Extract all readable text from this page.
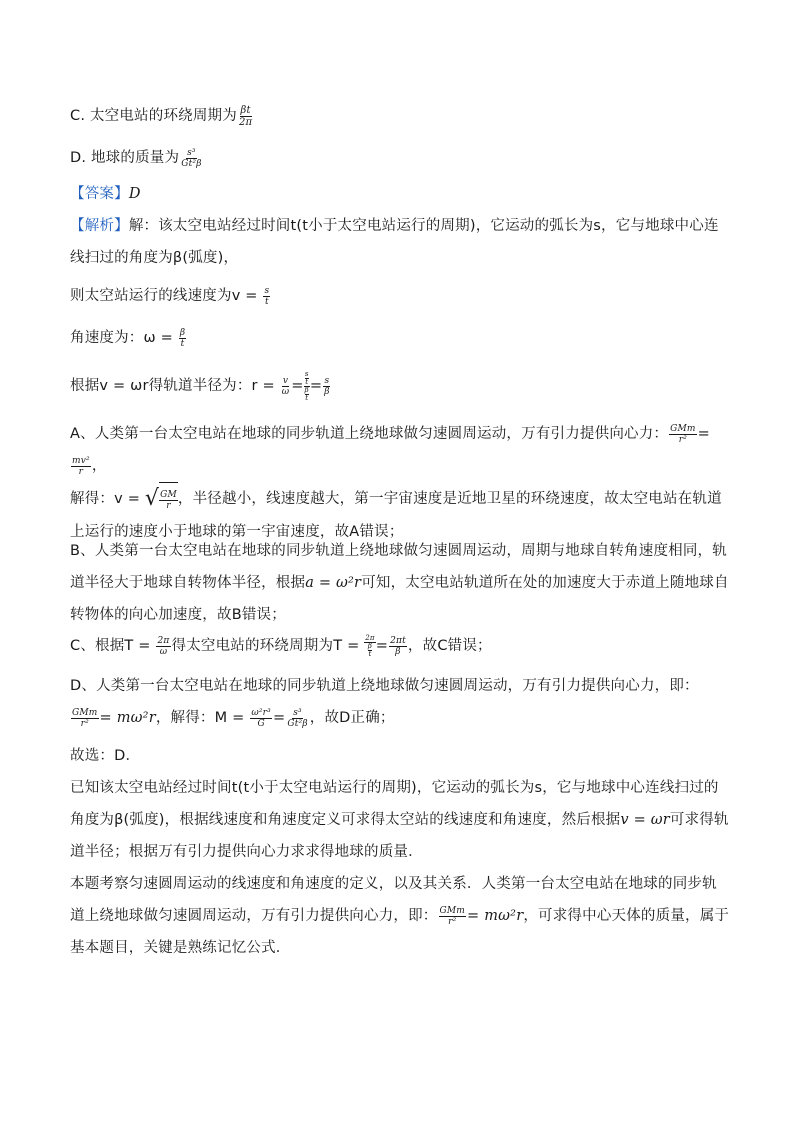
C. 太空电站的环绕周期为 $\frac{\beta t}{2\pi}$
D. 地球的质量为 $\frac{\text{s³}}{\text{Gt²β}}$
【答案】D
【解析】解：该太空电站经过时间t(t小于太空电站运行的周期)，它运动的弧长为s，它与地球中心连线扫过的角度为β(弧度)，
则太空站运行的线速度为$v = \frac{s}{t}$
角速度为：$\omega = \frac{\beta}{t}$
根据v = ωr得轨道半径为：$r = \frac{v}{\omega} = s$
t
β
$t = \frac{s}{\beta}$
A、人类第一台太空电站在地球的同步轨道上绕地球做匀速圆周运动，万有引力提供向心力： $\frac{\text{GMm}}{\text{r²}}$ =
$\frac{\text{mv²}}{r}$ ，
解得：v = √ $\frac{GM}{r}$ ，半径越小，线速度越大，第一宇宙速度是近地卫星的环绕速度，故太空电站在轨道上运行的速度小于地球的第一宇宙速度，故A错误；
B、人类第一台太空电站在地球的同步轨道上绕地球做匀速圆周运动，周期与地球自转角速度相同，轨道半径大于地球自转物体半径，根据a = ω²r可知，太空电站轨道所在处的加速度大于赤道上随地球自转物体的向心加速度，故B错误；
C、根据$T = \frac{2\pi}{\omega}$ 得太空电站的环绕周期为T = 2π
β
$t = \frac{2\pi t}{\beta}$ ，故C错误；
D、人类第一台太空电站在地球的同步轨道上绕地球做匀速圆周运动，万有引力提供向心力，即：

$\frac{\text{GMm}}{\text{r²}} = m\omega^2r$，解得：$M = \frac{\text{ω²r³}}{G} = \frac{\text{s³}}{\text{Gt²β}}$ ，故D正确；
故选：D．
已知该太空电站经过时间t(t小于太空电站运行的周期)，它运动的弧长为s，它与地球中心连线扫过的角度为β(弧度)，根据线速度和角速度定义可求得太空站的线速度和角速度，然后根据v = ωr可求得轨道半径；根据万有引力提供向心力求求得地球的质量．
本题考察匀速圆周运动的线速度和角速度的定义，以及其关系．人类第一台太空电站在地球的同步轨道上绕地球做匀速圆周运动，万有引力提供向心力，即： $\frac{\text{GMm}}{\text{r²}} = m\omega^2r$，可求得中心天体的质量，属于基本题目，关键是熟练记忆公式．
